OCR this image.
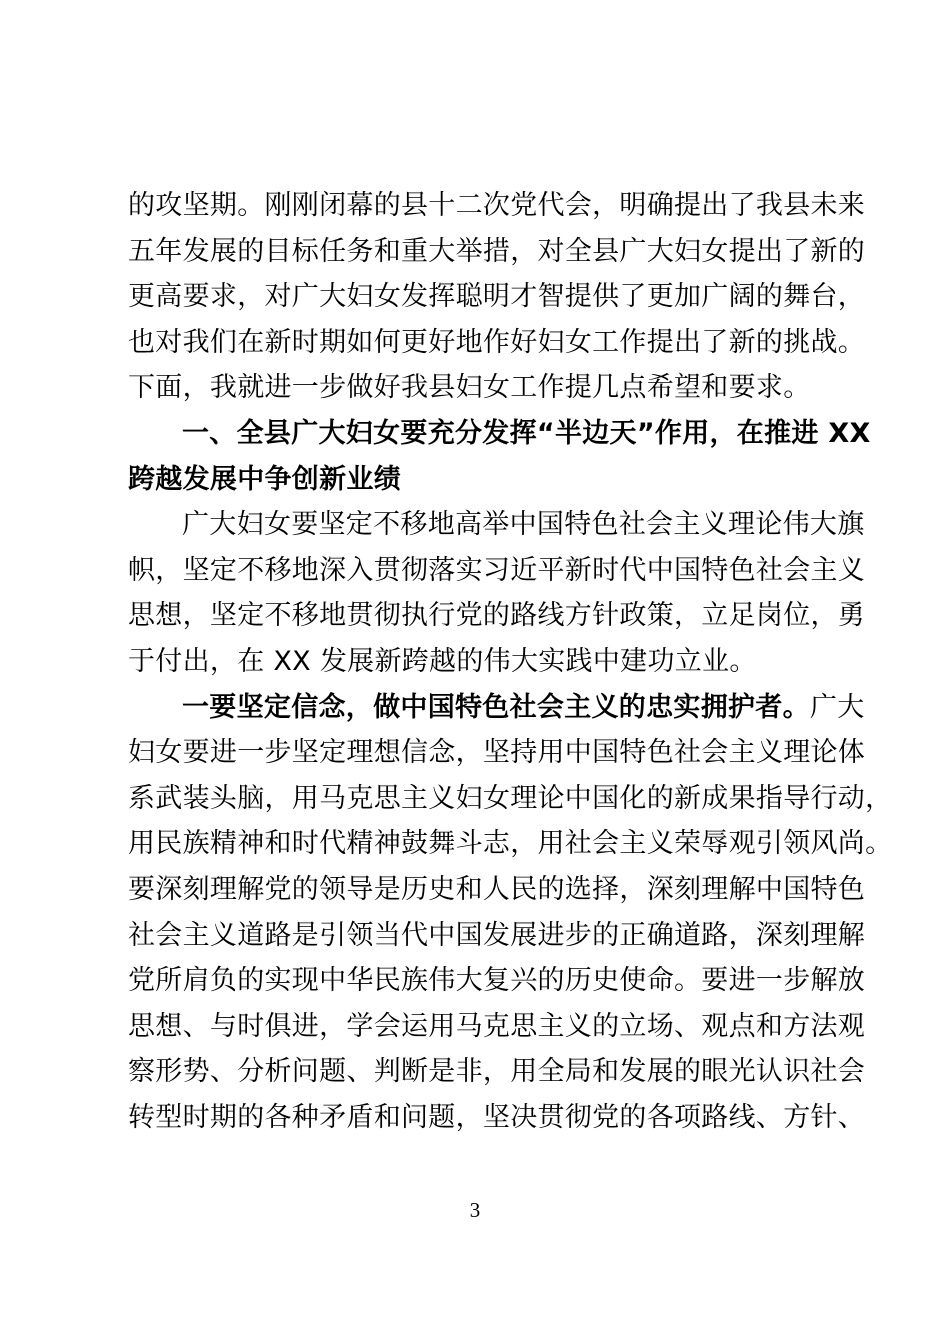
的攻坚期。刚刚闭幕的县十二次党代会，明确提出了我县未来
五年发展的目标任务和重大举措，对全县广大妇女提出了新的
更高要求，对广大妇女发挥聪明才智提供了更加广阔的舞台，
也对我们在新时期如何更好地作好妇女工作提出了新的挑战。
下面，我就进一步做好我县妇女工作提几点希望和要求。
一、全县广大妇女要充分发挥“半边天”作用，在推进 XX
跨越发展中争创新业绩
广大妇女要坚定不移地高举中国特色社会主义理论伟大旗
帜，坚定不移地深入贯彻落实习近平新时代中国特色社会主义
思想，坚定不移地贯彻执行党的路线方针政策，立足岗位，勇
于付出，在 XX 发展新跨越的伟大实践中建功立业。
一要坚定信念，做中国特色社会主义的忠实拥护者。广大
妇女要进一步坚定理想信念，坚持用中国特色社会主义理论体
系武装头脑，用马克思主义妇女理论中国化的新成果指导行动，
用民族精神和时代精神鼓舞斗志，用社会主义荣辱观引领风尚。
要深刻理解党的领导是历史和人民的选择，深刻理解中国特色
社会主义道路是引领当代中国发展进步的正确道路，深刻理解
党所肩负的实现中华民族伟大复兴的历史使命。要进一步解放
思想、与时俱进，学会运用马克思主义的立场、观点和方法观
察形势、分析问题、判断是非，用全局和发展的眼光认识社会
转型时期的各种矛盾和问题，坚决贯彻党的各项路线、方针、
3
